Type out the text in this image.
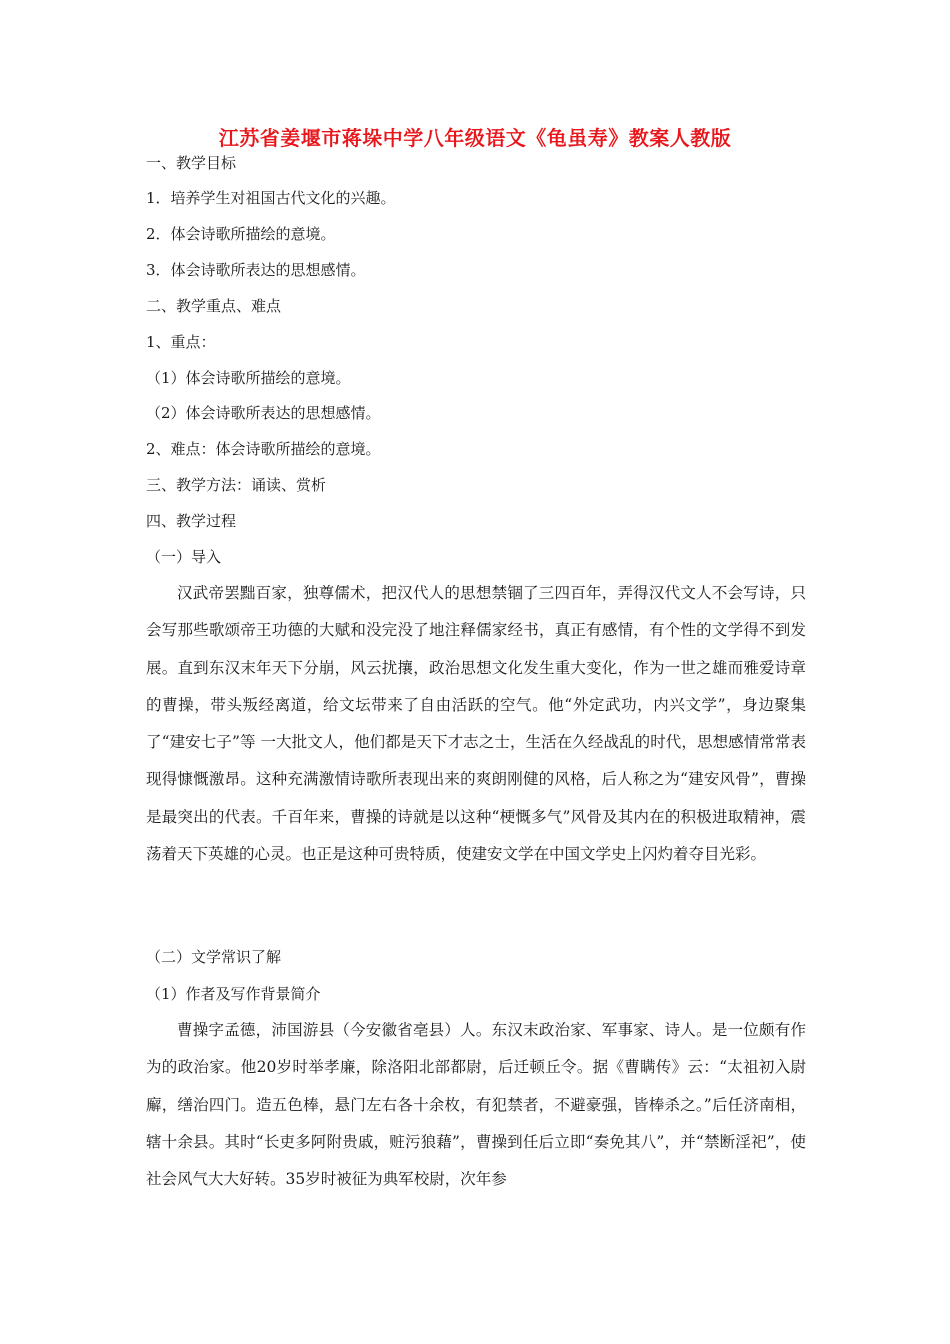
江苏省姜堰市蒋垛中学八年级语文《龟虽寿》教案人教版
一、教学目标
1．培养学生对祖国古代文化的兴趣。
2．体会诗歌所描绘的意境。
3．体会诗歌所表达的思想感情。
二、教学重点、难点
1、重点：
（1）体会诗歌所描绘的意境。
（2）体会诗歌所表达的思想感情。
2、难点：体会诗歌所描绘的意境。
三、教学方法：诵读、赏析
四、教学过程
（一）导入

汉武帝罢黜百家，独尊儒术，把汉代人的思想禁锢了三四百年，弄得汉代文人不会写诗，只会写那些歌颂帝王功德的大赋和没完没了地注释儒家经书，真正有感情，有个性的文学得不到发展。直到东汉末年天下分崩，风云扰攘，政治思想文化发生重大变化，作为一世之雄而雅爱诗章的曹操，带头叛经离道，给文坛带来了自由活跃的空气。他“外定武功，内兴文学”，身边聚集了“建安七子”等 一大批文人，他们都是天下才志之士，生活在久经战乱的时代，思想感情常常表现得慷慨激昂。这种充满激情诗歌所表现出来的爽朗刚健的风格，后人称之为“建安风骨”，曹操是最突出的代表。千百年来，曹操的诗就是以这种“梗慨多气”风骨及其内在的积极进取精神，震荡着天下英雄的心灵。也正是这种可贵特质，使建安文学在中国文学史上闪灼着夺目光彩。

（二）文学常识了解
（1）作者及写作背景简介

曹操字孟德，沛国游县（今安徽省亳县）人。东汉末政治家、军事家、诗人。是一位颇有作为的政治家。他20岁时举孝廉，除洛阳北部都尉，后迁顿丘令。据《曹瞒传》云：“太祖初入尉廨，缮治四门。造五色棒，悬门左右各十余枚，有犯禁者，不避豪强，皆棒杀之。”后任济南相，辖十余县。其时“长吏多阿附贵戚，赃污狼藉”，曹操到任后立即“奏免其八”，并“禁断淫祀”，使社会风气大大好转。35岁时被征为典军校尉，次年参
